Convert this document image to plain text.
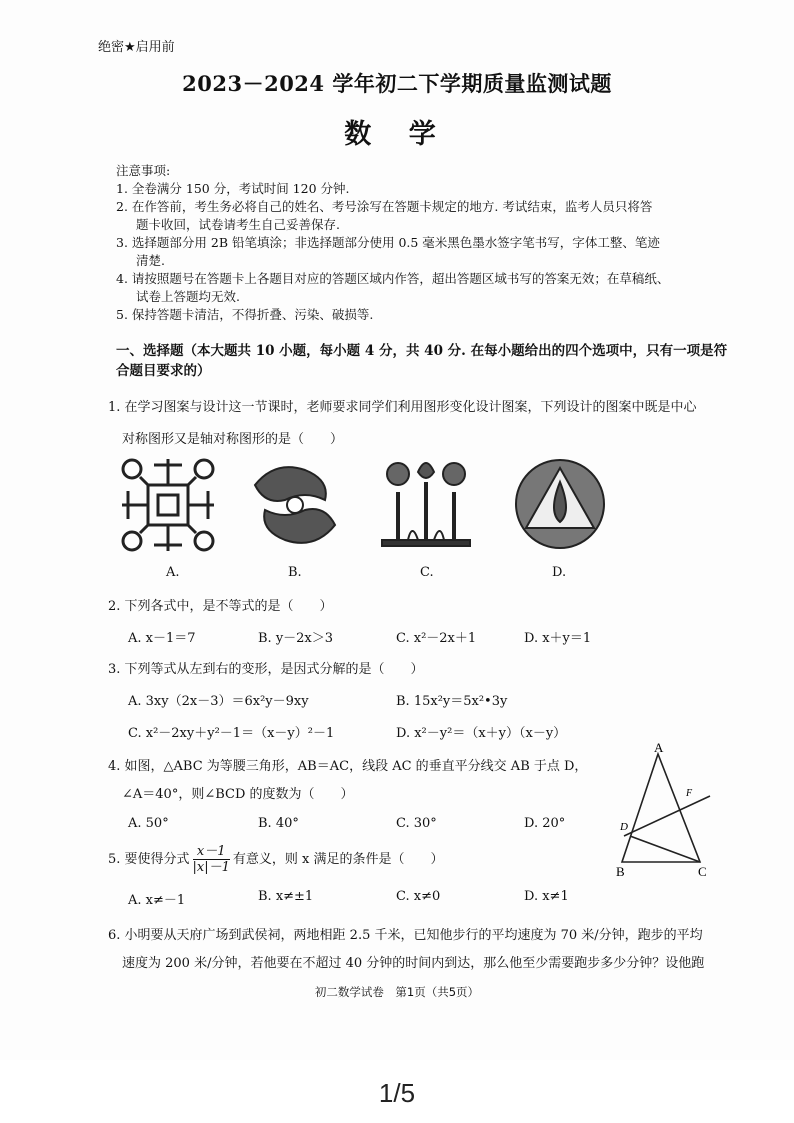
绝密★启用前
2023－2024 学年初二下学期质量监测试题
数 学
注意事项:
1. 全卷满分 150 分，考试时间 120 分钟.
2. 在作答前，考生务必将自己的姓名、考号涂写在答题卡规定的地方. 考试结束，监考人员只将答
题卡收回，试卷请考生自己妥善保存.
3. 选择题部分用 2B 铅笔填涂；非选择题部分使用 0.5 毫米黑色墨水签字笔书写，字体工整、笔迹
清楚.
4. 请按照题号在答题卡上各题目对应的答题区域内作答，超出答题区域书写的答案无效；在草稿纸、
试卷上答题均无效.
5. 保持答题卡清洁，不得折叠、污染、破损等.
一、选择题（本大题共 10 小题，每小题 4 分，共 40 分. 在每小题给出的四个选项中，只有一项是符合题目要求的）
1. 在学习图案与设计这一节课时，老师要求同学们利用图形变化设计图案，下列设计的图案中既是中心
对称图形又是轴对称图形的是（　　）
A.	B.	C.	D.
2. 下列各式中，是不等式的是（　　）
A. x－1＝7	B. y－2x＞3	C. x²－2x＋1	D. x＋y＝1
3. 下列等式从左到右的变形，是因式分解的是（　　）
A. 3xy（2x－3）＝6x²y－9xy	B. 15x²y＝5x²•3y
C. x²－2xy＋y²－1＝（x－y）²－1	D. x²－y²＝（x＋y）（x－y）
4. 如图，△ABC 为等腰三角形，AB＝AC，线段 AC 的垂直平分线交 AB 于点 D，
∠A＝40°，则∠BCD 的度数为（　　）
A. 50°	B. 40°	C. 30°	D. 20°
A
B	C
D
F
5. 要使得分式 $\frac{x-1}{|x|-1}$ 有意义，则 x 满足的条件是（　　）
A. x≠－1	B. x≠±1	C. x≠0	D. x≠1
6. 小明要从天府广场到武侯祠，两地相距 2.5 千米，已知他步行的平均速度为 70 米/分钟，跑步的平均
速度为 200 米/分钟，若他要在不超过 40 分钟的时间内到达，那么他至少需要跑步多少分钟？设他跑
初二数学试卷　第1页（共5页）
1/5
